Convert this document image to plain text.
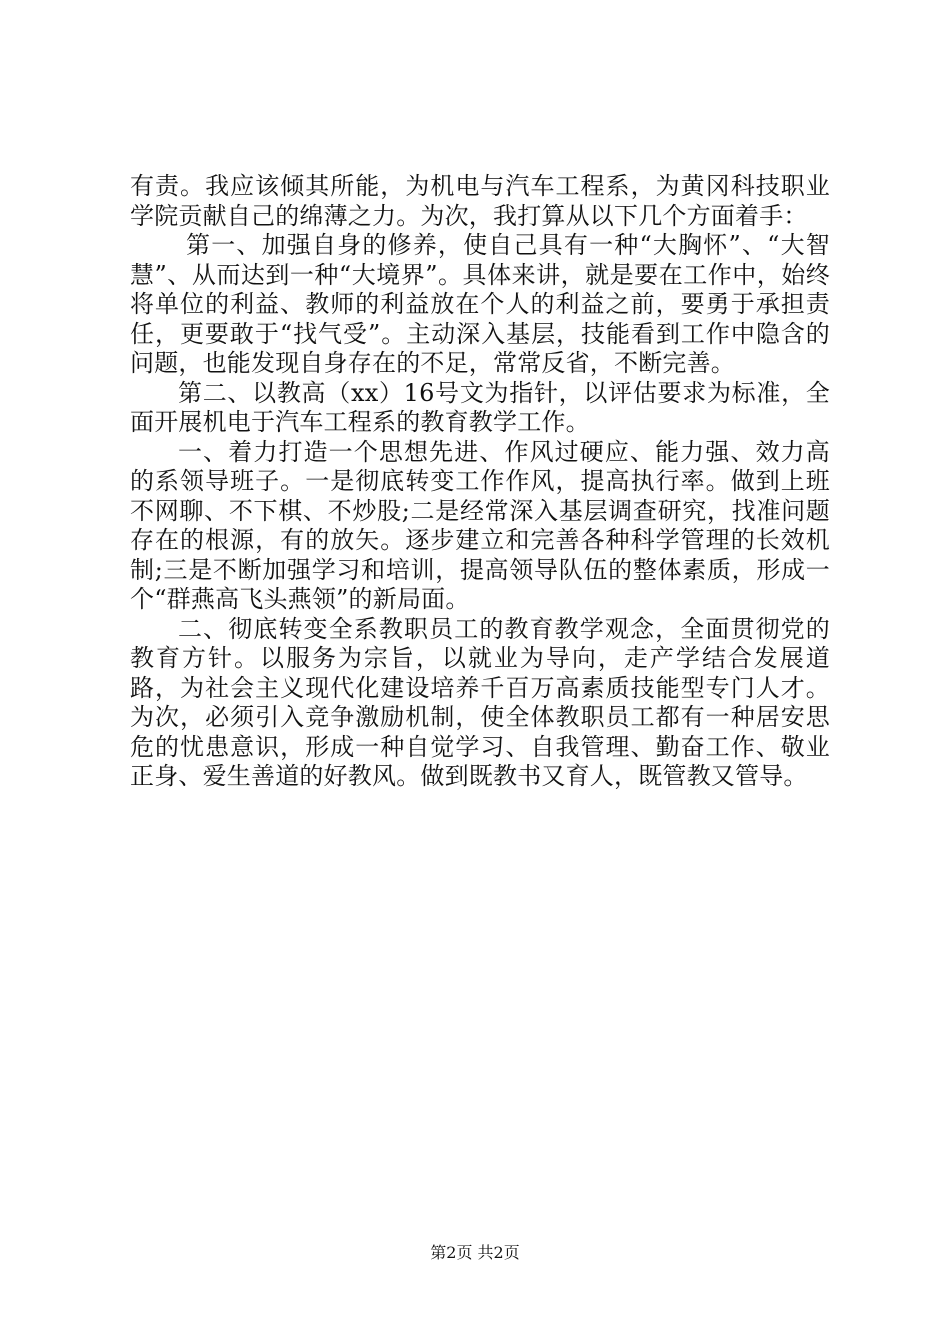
有责。我应该倾其所能，为机电与汽车工程系，为黄冈科技职业学院贡献自己的绵薄之力。为次，我打算从以下几个方面着手：

第一、加强自身的修养，使自己具有一种“大胸怀”、“大智慧”、从而达到一种“大境界”。具体来讲，就是要在工作中，始终将单位的利益、教师的利益放在个人的利益之前，要勇于承担责任，更要敢于“找气受”。主动深入基层，技能看到工作中隐含的问题，也能发现自身存在的不足，常常反省，不断完善。

第二、以教高（xx）16号文为指针，以评估要求为标准，全面开展机电于汽车工程系的教育教学工作。

一、着力打造一个思想先进、作风过硬应、能力强、效力高的系领导班子。一是彻底转变工作作风，提高执行率。做到上班不网聊、不下棋、不炒股;二是经常深入基层调查研究，找准问题存在的根源，有的放矢。逐步建立和完善各种科学管理的长效机制;三是不断加强学习和培训，提高领导队伍的整体素质，形成一个“群燕高飞头燕领”的新局面。

二、彻底转变全系教职员工的教育教学观念，全面贯彻党的教育方针。以服务为宗旨，以就业为导向，走产学结合发展道路，为社会主义现代化建设培养千百万高素质技能型专门人才。为次，必须引入竞争激励机制，使全体教职员工都有一种居安思危的忧患意识，形成一种自觉学习、自我管理、勤奋工作、敬业正身、爱生善道的好教风。做到既教书又育人，既管教又管导。

第2页 共2页
